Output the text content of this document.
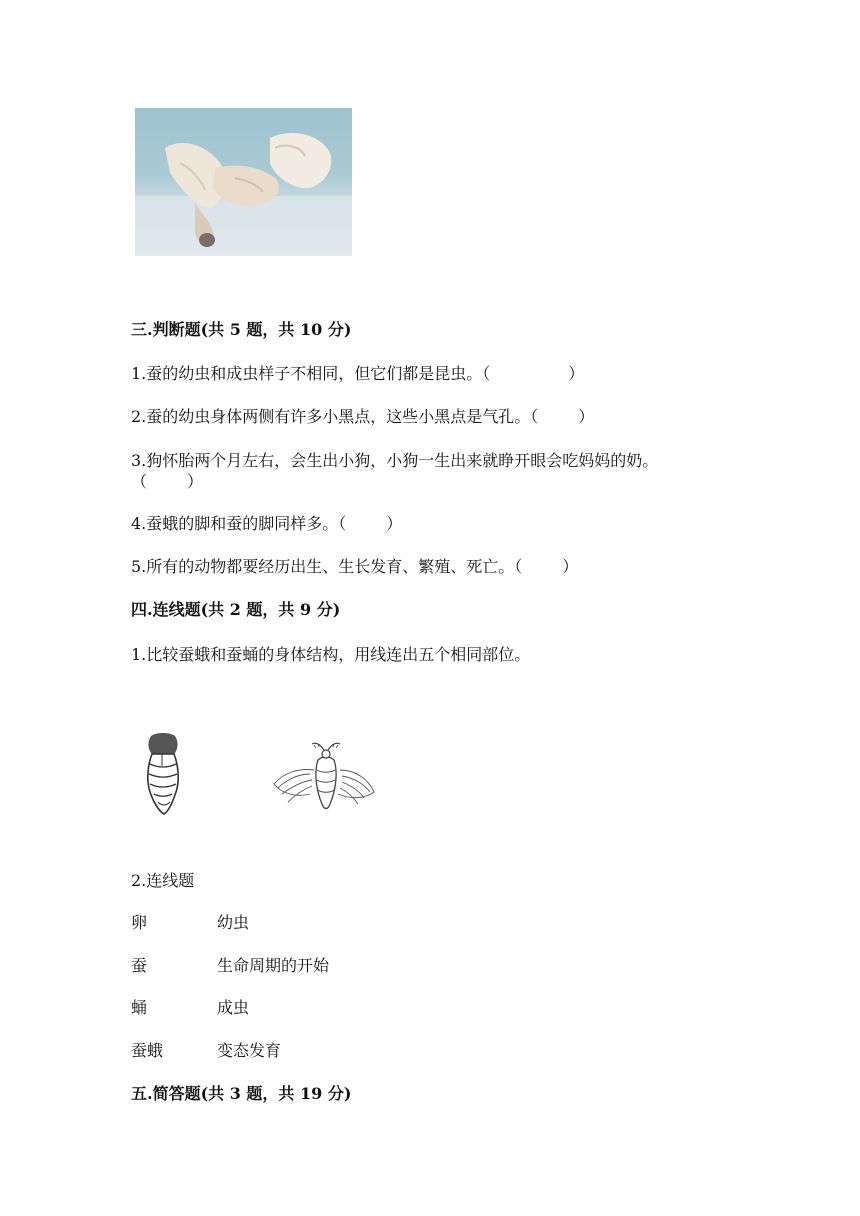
三.判断题(共 5 题，共 10 分)
1.蚕的幼虫和成虫样子不相同，但它们都是昆虫。（	）
2.蚕的幼虫身体两侧有许多小黑点，这些小黑点是气孔。（	）
3.狗怀胎两个月左右，会生出小狗，小狗一生出来就睁开眼会吃妈妈的奶。
（	）
4.蚕蛾的脚和蚕的脚同样多。（	）
5.所有的动物都要经历出生、生长发育、繁殖、死亡。（	）
四.连线题(共 2 题，共 9 分)
1.比较蚕蛾和蚕蛹的身体结构，用线连出五个相同部位。
2.连线题
卵	幼虫
蚕	生命周期的开始
蛹	成虫
蚕蛾	变态发育
五.简答题(共 3 题，共 19 分)
